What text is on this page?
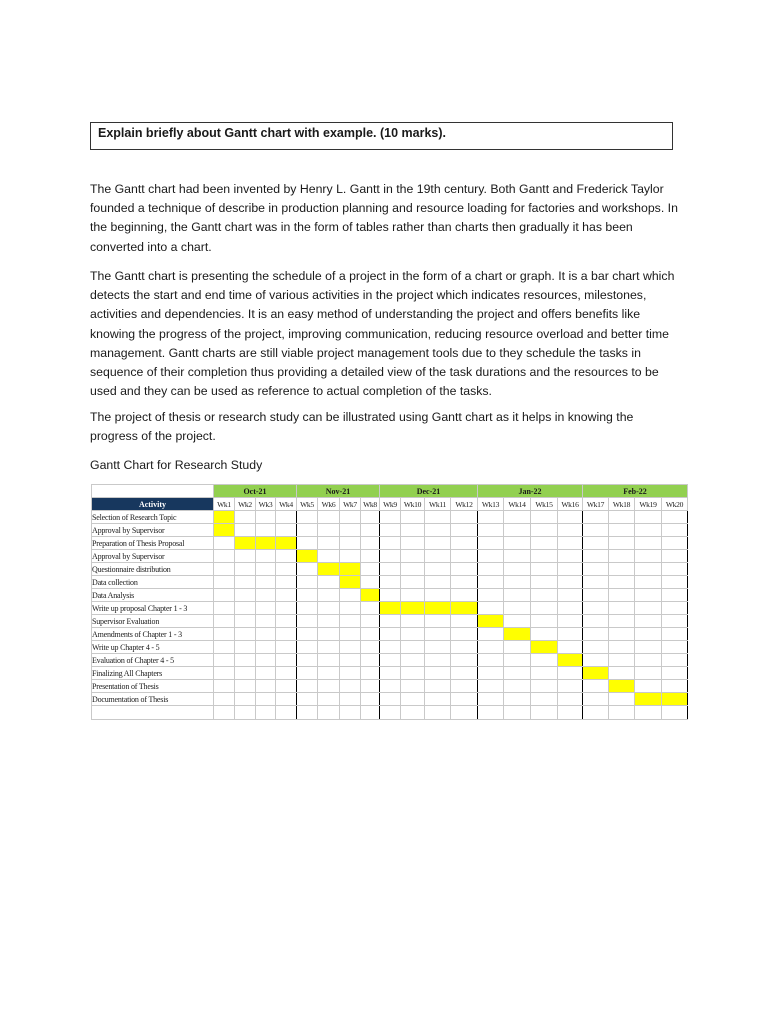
Explain briefly about Gantt chart with example. (10 marks).
The Gantt chart had been invented by Henry L. Gantt in the 19th century. Both Gantt and Frederick Taylor founded a technique of describe in production planning and resource loading for factories and workshops. In the beginning, the Gantt chart was in the form of tables rather than charts then gradually it has been converted into a chart.
The Gantt chart is presenting the schedule of a project in the form of a chart or graph. It is a bar chart which detects the start and end time of various activities in the project which indicates resources, milestones, activities and dependencies. It is an easy method of understanding the project and offers benefits like knowing the progress of the project, improving communication, reducing resource overload and better time management. Gantt charts are still viable project management tools due to they schedule the tasks in sequence of their completion thus providing a detailed view of the task durations and the resources to be used and they can be used as reference to actual completion of the tasks.
The project of thesis or research study can be illustrated using Gantt chart as it helps in knowing the progress of the project.
Gantt Chart for Research Study
	Oct-21				Nov-21				Dec-21				Jan-22				Feb-22			
Activity	Wk1	Wk2	Wk3	Wk4	Wk5	Wk6	Wk7	Wk8	Wk9	Wk10	Wk11	Wk12	Wk13	Wk14	Wk15	Wk16	Wk17	Wk18	Wk19	Wk20
Selection of Research Topic																				
Approval by Supervisor																				
Preparation of Thesis Proposal																				
Approval by Supervisor																				
Questionnaire distribution																				
Data collection																				
Data Analysis																				
Write up proposal Chapter 1 - 3																				
Supervisor Evaluation																				
Amendments of Chapter 1 - 3																				
Write up Chapter 4 - 5																				
Evaluation of Chapter 4 - 5																				
Finalizing All Chapters																				
Presentation of Thesis																				
Documentation of Thesis																				
